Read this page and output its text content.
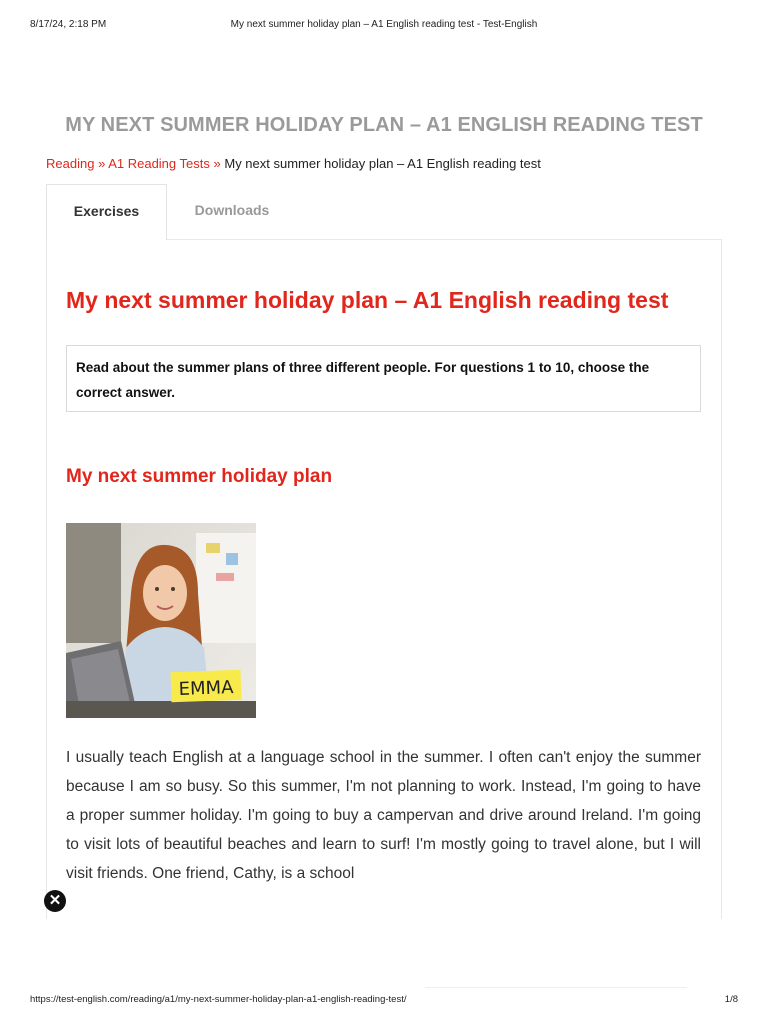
8/17/24, 2:18 PM	My next summer holiday plan – A1 English reading test - Test-English
MY NEXT SUMMER HOLIDAY PLAN – A1 ENGLISH READING TEST
Reading » A1 Reading Tests » My next summer holiday plan – A1 English reading test
Exercises	Downloads
My next summer holiday plan – A1 English reading test
Read about the summer plans of three different people. For questions 1 to 10, choose the correct answer.
My next summer holiday plan
EMMA

I usually teach English at a language school in the summer. I often can't enjoy the summer because I am so busy. So this summer, I'm not planning to work. Instead, I'm going to have a proper summer holiday. I'm going to buy a campervan and drive around Ireland. I'm going to visit lots of beautiful beaches and learn to surf! I'm mostly going to travel alone, but I will visit friends. One friend, Cathy, is a school

✕
https://test-english.com/reading/a1/my-next-summer-holiday-plan-a1-english-reading-test/	1/8
